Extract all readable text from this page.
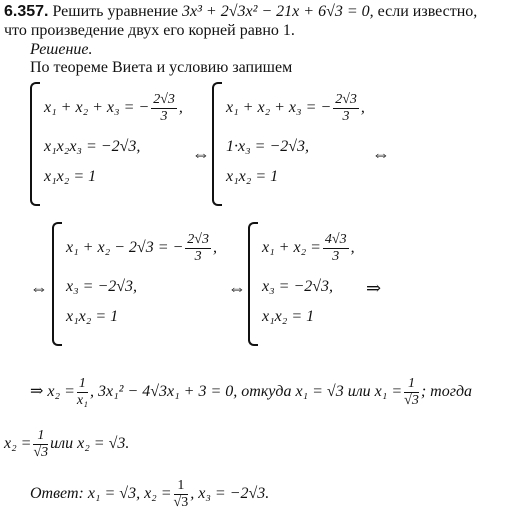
6.357. Решить уравнение 3x³ + 2√3x² − 21x + 6√3 = 0, если известно,
что произведение двух его корней равно 1.
Решение.
По теореме Виета и условию запишем
x₁ + x₂ + x₃ = − $\frac{2√3}{3}$ ,
x₁x₂x₃ = −2√3,
x₁x₂ = 1
⇔
x₁ + x₂ + x₃ = − $\frac{2√3}{3}$ ,
1·x₃ = −2√3,
x₁x₂ = 1
⇔
x₁ + x₂ − 2√3 = − $\frac{2√3}{3}$ ,
x₃ = −2√3,
x₁x₂ = 1
⇔
$x_1 + x_2 = \frac{4√3}{3}$ ,
x₃ = −2√3,
x₁x₂ = 1
⇔	⇒
⇒ $x_2 = \frac{1}{\text{x₁}}$ , 3x₁² − 4√3x₁ + 3 = 0, откуда x₁ = √3 или $x_1 = \frac{1}{√3}$ ; тогда
$x_2 = \frac{1}{√3}$ или x₂ = √3.
Ответ: x₁ = √3, $x_2 = \frac{1}{√3}$ , x₃ = −2√3.
